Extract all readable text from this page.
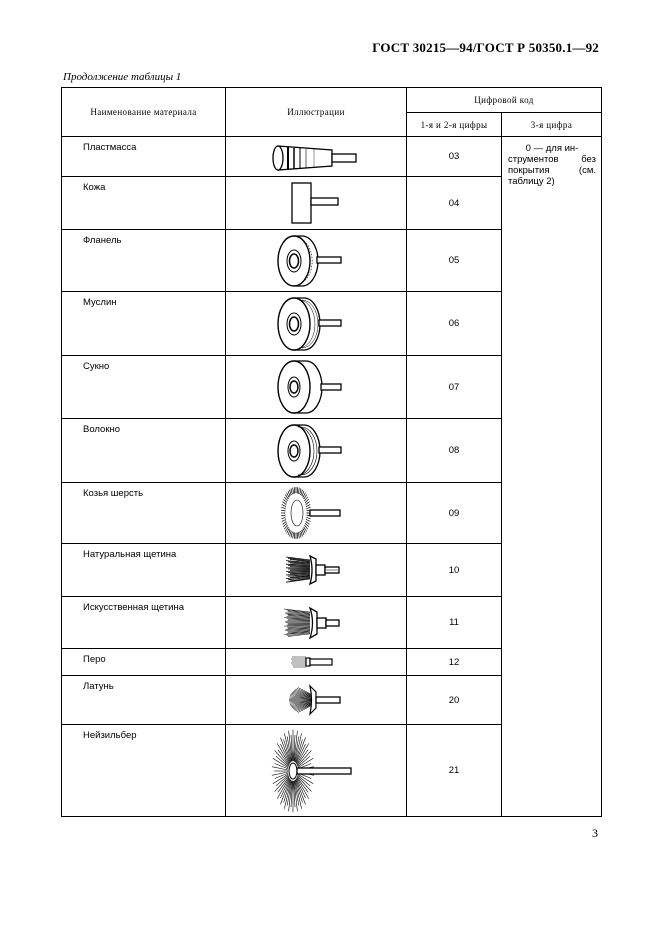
ГОСТ 30215—94/ГОСТ Р 50350.1—92
Продолжение таблицы 1
Наименование материала	Иллюстрации	Цифровой код	
		1-я и 2-я цифры	3-я цифра
Пластмасса		03	0 — для ин-
струментов без покрытия (см. таблицу 2)
Кожа		04	
Фланель		05	
Муслин		06	
Сукно		07	
Волокно		08	
Козья шерсть		09	
Натуральная щетина		10	
Искусственная щетина		11	
Перо		12	
Латунь		20	
Нейзильбер		21	
3
